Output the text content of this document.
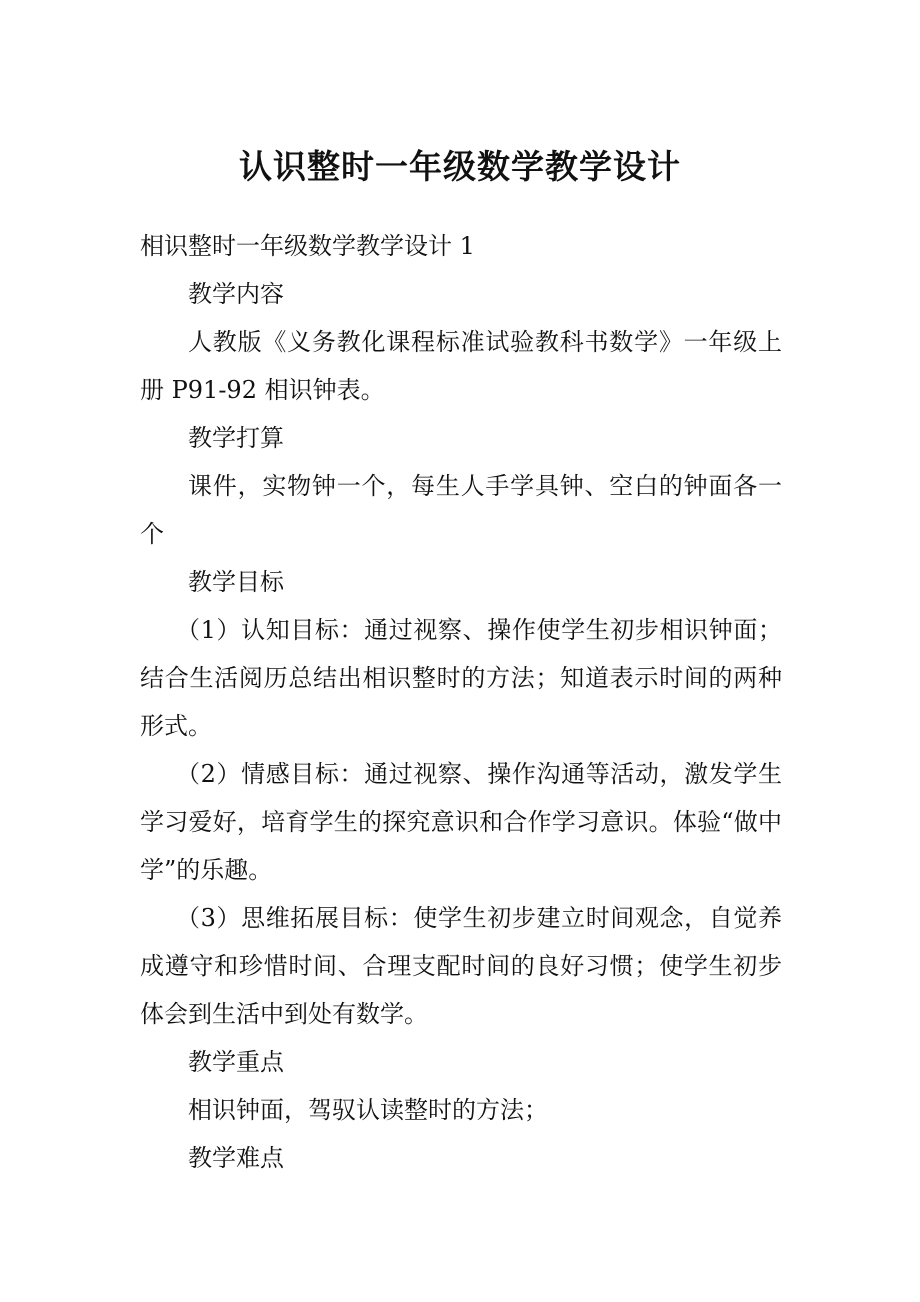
认识整时一年级数学教学设计

相识整时一年级数学教学设计 1

教学内容

人教版《义务教化课程标准试验教科书数学》一年级上册 P91-92 相识钟表。

教学打算

课件，实物钟一个，每生人手学具钟、空白的钟面各一个

教学目标

（1）认知目标：通过视察、操作使学生初步相识钟面；结合生活阅历总结出相识整时的方法；知道表示时间的两种形式。

（2）情感目标：通过视察、操作沟通等活动，激发学生学习爱好，培育学生的探究意识和合作学习意识。体验“做中学”的乐趣。

（3）思维拓展目标：使学生初步建立时间观念，自觉养成遵守和珍惜时间、合理支配时间的良好习惯；使学生初步体会到生活中到处有数学。

教学重点

相识钟面，驾驭认读整时的方法；

教学难点
